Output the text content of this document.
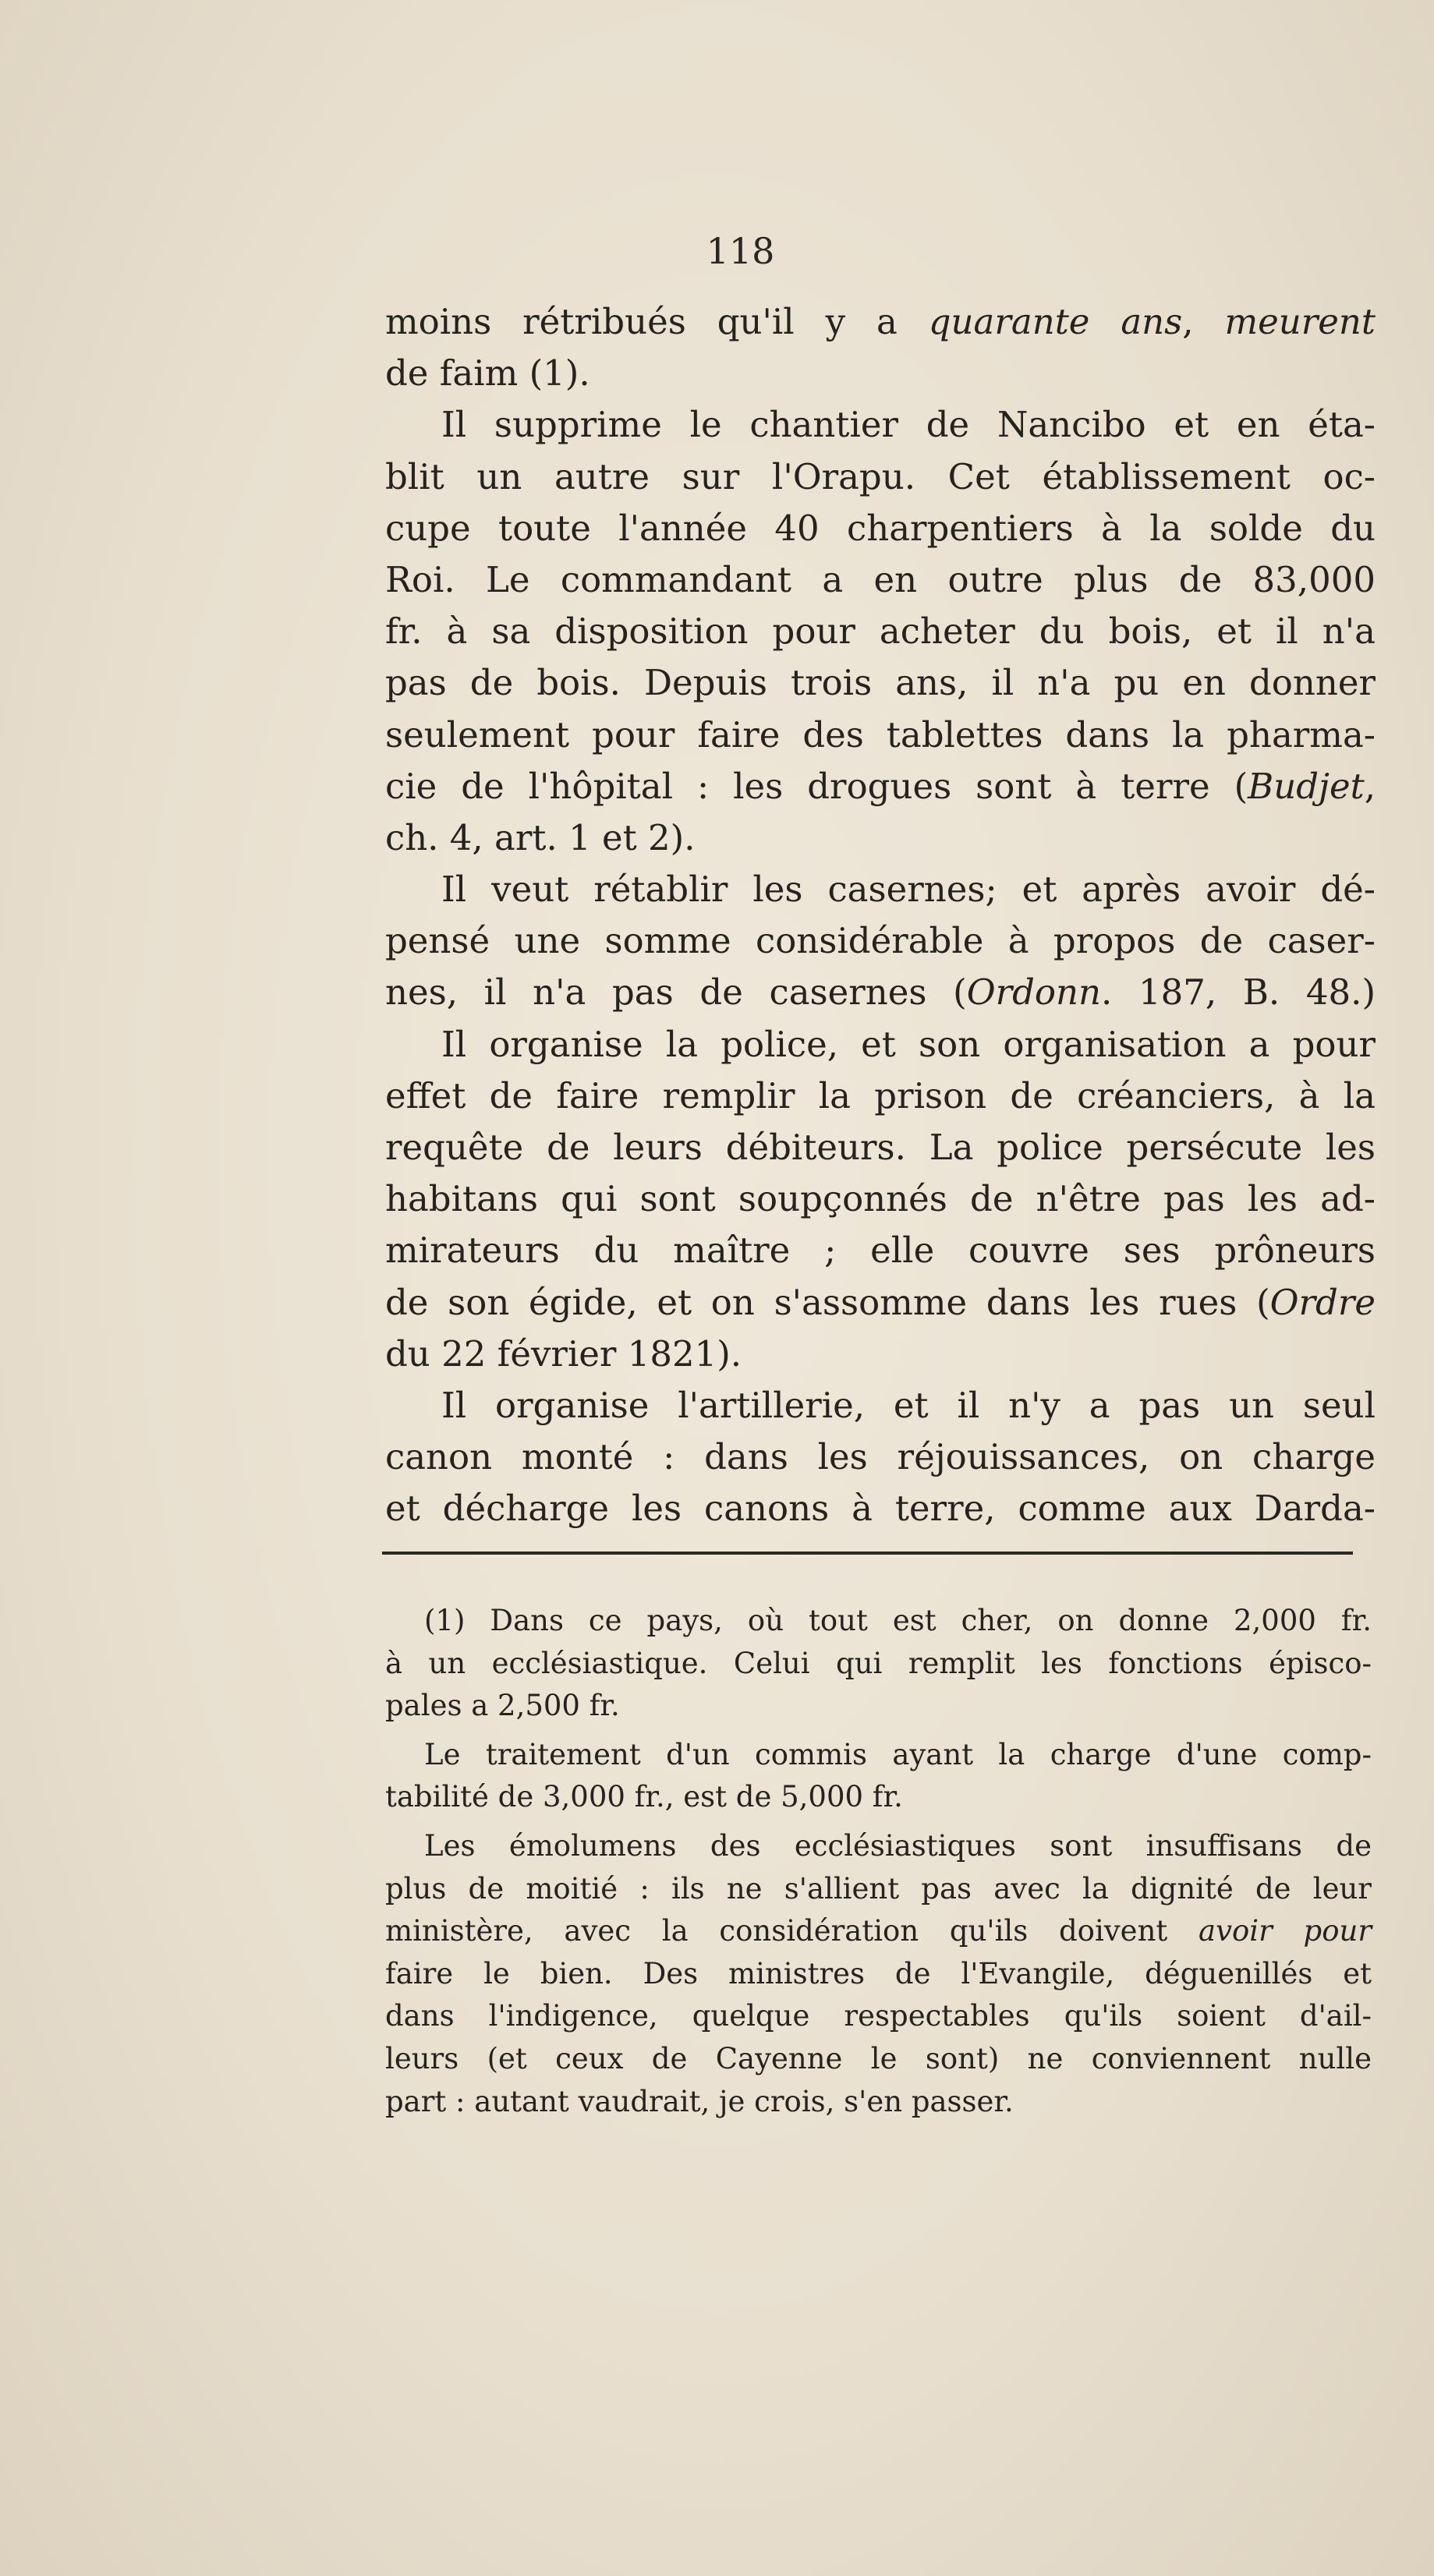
118
moins rétribués qu'il y a quarante ans, meurent
de faim (1).
Il supprime le chantier de Nancibo et en éta-
blit un autre sur l'Orapu. Cet établissement oc-
cupe toute l'année 40 charpentiers à la solde du
Roi. Le commandant a en outre plus de 83,000
fr. à sa disposition pour acheter du bois, et il n'a
pas de bois. Depuis trois ans, il n'a pu en donner
seulement pour faire des tablettes dans la pharma-
cie de l'hôpital : les drogues sont à terre (Budjet,
ch. 4, art. 1 et 2).
Il veut rétablir les casernes; et après avoir dé-
pensé une somme considérable à propos de caser-
nes, il n'a pas de casernes (Ordonn. 187, B. 48.)
Il organise la police, et son organisation a pour
effet de faire remplir la prison de créanciers, à la
requête de leurs débiteurs. La police persécute les
habitans qui sont soupçonnés de n'être pas les ad-
mirateurs du maître ; elle couvre ses prôneurs
de son égide, et on s'assomme dans les rues (Ordre
du 22 février 1821).
Il organise l'artillerie, et il n'y a pas un seul
canon monté : dans les réjouissances, on charge
et décharge les canons à terre, comme aux Darda-
(1) Dans ce pays, où tout est cher, on donne 2,000 fr.
à un ecclésiastique. Celui qui remplit les fonctions épisco-
pales a 2,500 fr.
Le traitement d'un commis ayant la charge d'une comp-
tabilité de 3,000 fr., est de 5,000 fr.
Les émolumens des ecclésiastiques sont insuffisans de
plus de moitié : ils ne s'allient pas avec la dignité de leur
ministère, avec la considération qu'ils doivent avoir pour
faire le bien. Des ministres de l'Evangile, déguenillés et
dans l'indigence, quelque respectables qu'ils soient d'ail-
leurs (et ceux de Cayenne le sont) ne conviennent nulle
part : autant vaudrait, je crois, s'en passer.
